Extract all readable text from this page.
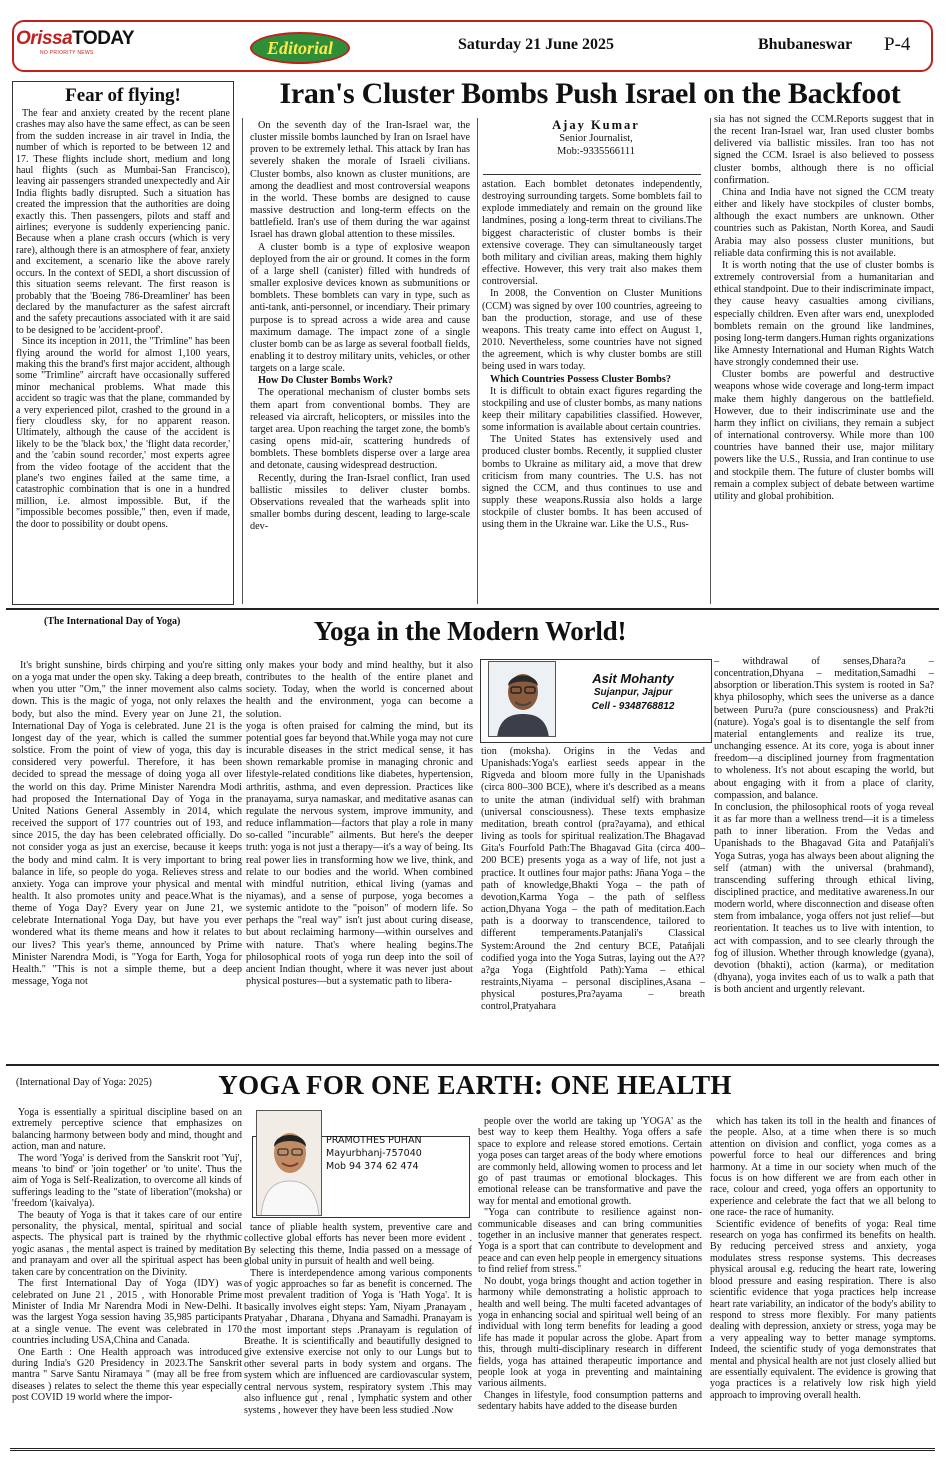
OrissaTODAY
NO PRIORITY NEWS	Editorial	Saturday 21 June 2025	Bhubaneswar P-4
Fear of flying!

The fear and anxiety created by the recent plane crashes may also have the same effect, as can be seen from the sudden increase in air travel in India, the number of which is reported to be between 12 and 17. These flights include short, medium and long haul flights (such as Mumbai-San Francisco), leaving air passengers stranded unexpectedly and Air India flights badly disrupted. Such a situation has created the impression that the authorities are doing exactly this. Then passengers, pilots and staff and airlines; everyone is suddenly experiencing panic. Because when a plane crash occurs (which is very rare), although there is an atmosphere of fear, anxiety and excitement, a scenario like the above rarely occurs. In the context of SEDI, a short discussion of this situation seems relevant. The first reason is probably that the 'Boeing 786-Dreamliner' has been declared by the manufacturer as the safest aircraft and the safety precautions associated with it are said to be designed to be 'accident-proof'.

Since its inception in 2011, the "Trimline" has been flying around the world for almost 1,100 years, making this the brand's first major accident, although some "Trimline" aircraft have occasionally suffered minor mechanical problems. What made this accident so tragic was that the plane, commanded by a very experienced pilot, crashed to the ground in a fiery cloudless sky, for no apparent reason. Ultimately, although the cause of the accident is likely to be the 'black box,' the 'flight data recorder,' and the 'cabin sound recorder,' most experts agree from the video footage of the accident that the plane's two engines failed at the same time, a catastrophic combination that is one in a hundred million, i.e. almost impossible. But, if the "impossible becomes possible," then, even if made, the door to possibility or doubt opens.

Iran's Cluster Bombs Push Israel on the Backfoot

On the seventh day of the Iran-Israel war, the cluster missile bombs launched by Iran on Israel have proven to be extremely lethal. This attack by Iran has severely shaken the morale of Israeli civilians. Cluster bombs, also known as cluster munitions, are among the deadliest and most controversial weapons in the world. These bombs are designed to cause massive destruction and long-term effects on the battlefield. Iran's use of them during the war against Israel has drawn global attention to these missiles.

A cluster bomb is a type of explosive weapon deployed from the air or ground. It comes in the form of a large shell (canister) filled with hundreds of smaller explosive devices known as submunitions or bomblets. These bomblets can vary in type, such as anti-tank, anti-personnel, or incendiary. Their primary purpose is to spread across a wide area and cause maximum damage. The impact zone of a single cluster bomb can be as large as several football fields, enabling it to destroy military units, vehicles, or other targets on a large scale.

How Do Cluster Bombs Work?

The operational mechanism of cluster bombs sets them apart from conventional bombs. They are released via aircraft, helicopters, or missiles into the target area. Upon reaching the target zone, the bomb's casing opens mid-air, scattering hundreds of bomblets. These bomblets disperse over a large area and detonate, causing widespread destruction.

Recently, during the Iran-Israel conflict, Iran used ballistic missiles to deliver cluster bombs. Observations revealed that the warheads split into smaller bombs during descent, leading to large-scale dev-

Ajay Kumar
Senior Journalist,
Mob:-9335566111

astation. Each bomblet detonates independently, destroying surrounding targets. Some bomblets fail to explode immediately and remain on the ground like landmines, posing a long-term threat to civilians.The biggest characteristic of cluster bombs is their extensive coverage. They can simultaneously target both military and civilian areas, making them highly effective. However, this very trait also makes them controversial.

In 2008, the Convention on Cluster Munitions (CCM) was signed by over 100 countries, agreeing to ban the production, storage, and use of these weapons. This treaty came into effect on August 1, 2010. Nevertheless, some countries have not signed the agreement, which is why cluster bombs are still being used in wars today.

Which Countries Possess Cluster Bombs?

It is difficult to obtain exact figures regarding the stockpiling and use of cluster bombs, as many nations keep their military capabilities classified. However, some information is available about certain countries.

The United States has extensively used and produced cluster bombs. Recently, it supplied cluster bombs to Ukraine as military aid, a move that drew criticism from many countries. The U.S. has not signed the CCM, and thus continues to use and supply these weapons.Russia also holds a large stockpile of cluster bombs. It has been accused of using them in the Ukraine war. Like the U.S., Rus-

sia has not signed the CCM.Reports suggest that in the recent Iran-Israel war, Iran used cluster bombs delivered via ballistic missiles. Iran too has not signed the CCM. Israel is also believed to possess cluster bombs, although there is no official confirmation.

China and India have not signed the CCM treaty either and likely have stockpiles of cluster bombs, although the exact numbers are unknown. Other countries such as Pakistan, North Korea, and Saudi Arabia may also possess cluster munitions, but reliable data confirming this is not available.

It is worth noting that the use of cluster bombs is extremely controversial from a humanitarian and ethical standpoint. Due to their indiscriminate impact, they cause heavy casualties among civilians, especially children. Even after wars end, unexploded bomblets remain on the ground like landmines, posing long-term dangers.Human rights organizations like Amnesty International and Human Rights Watch have strongly condemned their use.

Cluster bombs are powerful and destructive weapons whose wide coverage and long-term impact make them highly dangerous on the battlefield. However, due to their indiscriminate use and the harm they inflict on civilians, they remain a subject of international controversy. While more than 100 countries have banned their use, major military powers like the U.S., Russia, and Iran continue to use and stockpile them. The future of cluster bombs will remain a complex subject of debate between wartime utility and global prohibition.

(The International Day of Yoga)	Yoga in the Modern World!

It's bright sunshine, birds chirping and you're sitting on a yoga mat under the open sky. Taking a deep breath, when you utter "Om," the inner movement also calms down. This is the magic of yoga, not only relaxes the body, but also the mind. Every year on June 21, the International Day of Yoga is celebrated. June 21 is the longest day of the year, which is called the summer solstice. From the point of view of yoga, this day is considered very powerful. Therefore, it has been decided to spread the message of doing yoga all over the world on this day. Prime Minister Narendra Modi had proposed the International Day of Yoga in the United Nations General Assembly in 2014, which received the support of 177 countries out of 193, and since 2015, the day has been celebrated officially. Do not consider yoga as just an exercise, because it keeps the body and mind calm. It is very important to bring balance in life, so people do yoga. Relieves stress and anxiety. Yoga can improve your physical and mental health. It also promotes unity and peace.What is the theme of Yoga Day? Every year on June 21, we celebrate International Yoga Day, but have you ever wondered what its theme means and how it relates to our lives? This year's theme, announced by Prime Minister Narendra Modi, is "Yoga for Earth, Yoga for Health." "This is not a simple theme, but a deep message, Yoga not

only makes your body and mind healthy, but it also contributes to the health of the entire planet and society. Today, when the world is concerned about health and the environment, yoga can become a solution.

yoga is often praised for calming the mind, but its potential goes far beyond that.While yoga may not cure incurable diseases in the strict medical sense, it has shown remarkable promise in managing chronic and lifestyle-related conditions like diabetes, hypertension, arthritis, asthma, and even depression. Practices like pranayama, surya namaskar, and meditative asanas can regulate the nervous system, improve immunity, and reduce inflammation—factors that play a role in many so-called "incurable" ailments. But here's the deeper truth: yoga is not just a therapy—it's a way of being. Its real power lies in transforming how we live, think, and relate to our bodies and the world. When combined with mindful nutrition, ethical living (yamas and niyamas), and a sense of purpose, yoga becomes a systemic antidote to the "poison" of modern life. So perhaps the "real way" isn't just about curing disease, but about reclaiming harmony—within ourselves and with nature. That's where healing begins.The philosophical roots of yoga run deep into the soil of ancient Indian thought, where it was never just about physical postures—but a systematic path to libera-

Asit Mohanty
Sujanpur, Jajpur
Cell - 9348768812

tion (moksha). Origins in the Vedas and Upanishads:Yoga's earliest seeds appear in the Rigveda and bloom more fully in the Upanishads (circa 800–300 BCE), where it's described as a means to unite the atman (individual self) with brahman (universal consciousness). These texts emphasize meditation, breath control (pra?ayama), and ethical living as tools for spiritual realization.The Bhagavad Gita's Fourfold Path:The Bhagavad Gita (circa 400–200 BCE) presents yoga as a way of life, not just a practice. It outlines four major paths: Jñana Yoga – the path of knowledge,Bhakti Yoga – the path of devotion,Karma Yoga – the path of selfless action,Dhyana Yoga – the path of meditation.Each path is a doorway to transcendence, tailored to different temperaments.Patanjali's Classical System:Around the 2nd century BCE, Patañjali codified yoga into the Yoga Sutras, laying out the A??a?ga Yoga (Eightfold Path):Yama – ethical restraints,Niyama – personal disciplines,Asana – physical postures,Pra?ayama – breath control,Pratyahara

– withdrawal of senses,Dhara?a – concentration,Dhyana – meditation,Samadhi – absorption or liberation.This system is rooted in Sa?khya philosophy, which sees the universe as a dance between Puru?a (pure consciousness) and Prak?ti (nature). Yoga's goal is to disentangle the self from material entanglements and realize its true, unchanging essence. At its core, yoga is about inner freedom—a disciplined journey from fragmentation to wholeness. It's not about escaping the world, but about engaging with it from a place of clarity, compassion, and balance.

In conclusion, the philosophical roots of yoga reveal it as far more than a wellness trend—it is a timeless path to inner liberation. From the Vedas and Upanishads to the Bhagavad Gita and Patañjali's Yoga Sutras, yoga has always been about aligning the self (atman) with the universal (brahmand), transcending suffering through ethical living, disciplined practice, and meditative awareness.In our modern world, where disconnection and disease often stem from imbalance, yoga offers not just relief—but reorientation. It teaches us to live with intention, to act with compassion, and to see clearly through the fog of illusion. Whether through knowledge (gyana), devotion (bhakti), action (karma), or meditation (dhyana), yoga invites each of us to walk a path that is both ancient and urgently relevant.

(International Day of Yoga: 2025)	YOGA FOR ONE EARTH: ONE HEALTH

Yoga is essentially a spiritual discipline based on an extremely perceptive science that emphasizes on balancing harmony between body and mind, thought and action, man and nature.

The word 'Yoga' is derived from the Sanskrit root 'Yuj', means 'to bind' or 'join together' or 'to unite'. Thus the aim of Yoga is Self-Realization, to overcome all kinds of sufferings leading to the "state of liberation"(moksha) or 'freedom '(kaivalya).

The beauty of Yoga is that it takes care of our entire personality, the physical, mental, spiritual and social aspects. The physical part is trained by the rhythmic yogic asanas , the mental aspect is trained by meditation and pranayam and over all the spiritual aspect has been taken care by concentration on the Divinity.

The first International Day of Yoga (IDY) was celebrated on June 21 , 2015 , with Honorable Prime Minister of India Mr Narendra Modi in New-Delhi. It was the largest Yoga session having 35,985 participants at a single venue. The event was celebrated in 170 countries including USA,China and Canada.

One Earth : One Health approach was introduced during India's G20 Presidency in 2023.The Sanskrit mantra " Sarve Santu Niramaya " (may all be free from diseases ) relates to select the theme this year especially post COVID 19 world where the impor-

PRAMOTHES PUHAN
Mayurbhanj-757040
Mob 94 374 62 474

tance of pliable health system, preventive care and collective global efforts has never been more evident . By selecting this theme, India passed on a message of global unity in pursuit of health and well being.

There is interdependence among various components of yogic approaches so far as benefit is concerned. The most prevalent tradition of Yoga is 'Hath Yoga'. It is basically involves eight steps: Yam, Niyam ,Pranayam , Pratyahar , Dharana , Dhyana and Samadhi. Pranayam is the most important steps .Pranayam is regulation of Breathe. It is scientifically and beautifully designed to give extensive exercise not only to our Lungs but to other several parts in body system and organs. The system which are influenced are cardiovascular system, central nervous system, respiratory system .This may also influence gut , renal , lymphatic system and other systems , however they have been less studied .Now

people over the world are taking up 'YOGA' as the best way to keep them Healthy. Yoga offers a safe space to explore and release stored emotions. Certain yoga poses can target areas of the body where emotions are commonly held, allowing women to process and let go of past traumas or emotional blockages. This emotional release can be transformative and pave the way for mental and emotional growth.

"Yoga can contribute to resilience against non-communicable diseases and can bring communities together in an inclusive manner that generates respect. Yoga is a sport that can contribute to development and peace and can even help people in emergency situations to find relief from stress."

No doubt, yoga brings thought and action together in harmony while demonstrating a holistic approach to health and well being. The multi faceted advantages of yoga in enhancing social and spiritual well being of an individual with long term benefits for leading a good life has made it popular across the globe. Apart from this, through multi-disciplinary research in different fields, yoga has attained therapeutic importance and people look at yoga in preventing and maintaining various ailments.

Changes in lifestyle, food consumption patterns and sedentary habits have added to the disease burden

which has taken its toll in the health and finances of the people. Also, at a time when there is so much attention on division and conflict, yoga comes as a powerful force to heal our differences and bring harmony. At a time in our society when much of the focus is on how different we are from each other in race, colour and creed, yoga offers an opportunity to experience and celebrate the fact that we all belong to one race- the race of humanity.

Scientific evidence of benefits of yoga: Real time research on yoga has confirmed its benefits on health. By reducing perceived stress and anxiety, yoga modulates stress response systems. This decreases physical arousal e.g. reducing the heart rate, lowering blood pressure and easing respiration. There is also scientific evidence that yoga practices help increase heart rate variability, an indicator of the body's ability to respond to stress more flexibly. For many patients dealing with depression, anxiety or stress, yoga may be a very appealing way to better manage symptoms. Indeed, the scientific study of yoga demonstrates that mental and physical health are not just closely allied but are essentially equivalent. The evidence is growing that yoga practices is a relatively low risk high yield approach to improving overall health.
